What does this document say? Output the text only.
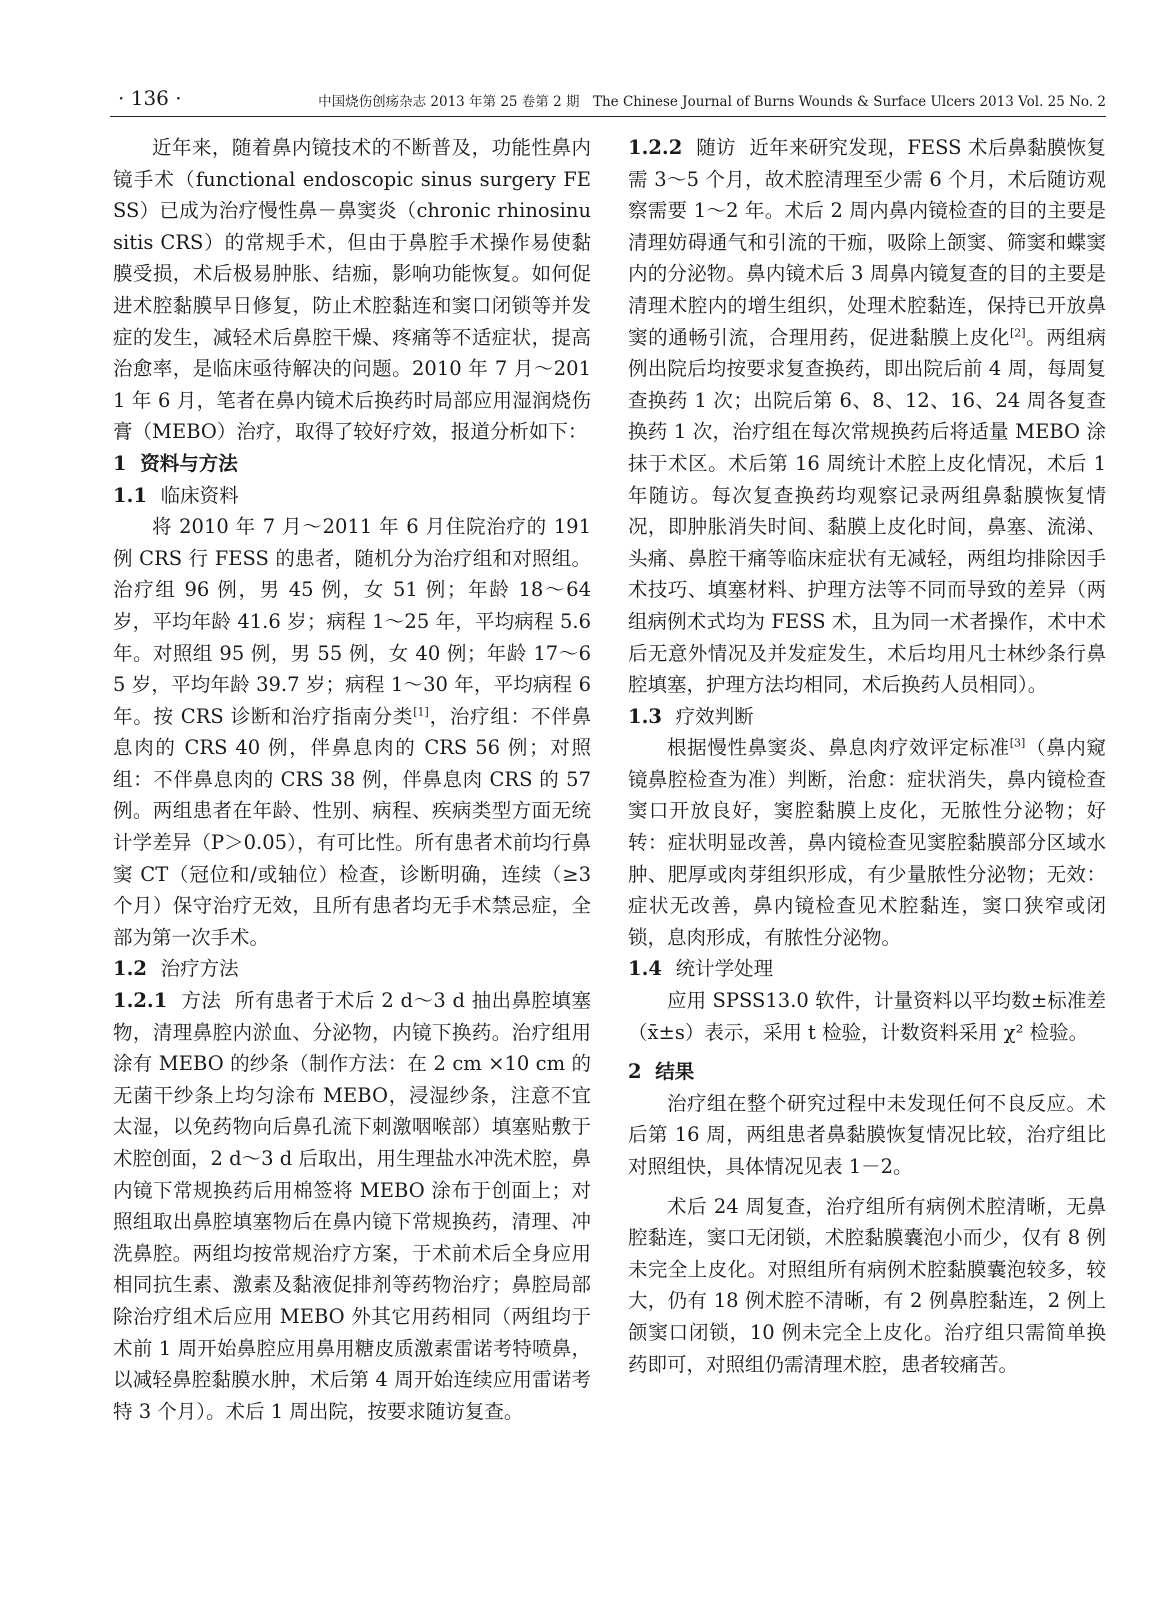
· 136 ·	中国烧伤创疡杂志 2013 年第 25 卷第 2 期　The Chinese Journal of Burns Wounds & Surface Ulcers 2013 Vol. 25 No. 2

近年来，随着鼻内镜技术的不断普及，功能性鼻内镜手术（functional endoscopic sinus surgery FESS）已成为治疗慢性鼻－鼻窦炎（chronic rhinosinusitis CRS）的常规手术，但由于鼻腔手术操作易使黏膜受损，术后极易肿胀、结痂，影响功能恢复。如何促进术腔黏膜早日修复，防止术腔黏连和窦口闭锁等并发症的发生，减轻术后鼻腔干燥、疼痛等不适症状，提高治愈率，是临床亟待解决的问题。2010 年 7 月～2011 年 6 月，笔者在鼻内镜术后换药时局部应用湿润烧伤膏（MEBO）治疗，取得了较好疗效，报道分析如下：

1 资料与方法
1.1 临床资料

将 2010 年 7 月～2011 年 6 月住院治疗的 191 例 CRS 行 FESS 的患者，随机分为治疗组和对照组。治疗组 96 例，男 45 例，女 51 例；年龄 18～64 岁，平均年龄 41.6 岁；病程 1～25 年，平均病程 5.6 年。对照组 95 例，男 55 例，女 40 例；年龄 17～65 岁，平均年龄 39.7 岁；病程 1～30 年，平均病程 6 年。按 CRS 诊断和治疗指南分类[1]，治疗组：不伴鼻息肉的 CRS 40 例，伴鼻息肉的 CRS 56 例；对照组：不伴鼻息肉的 CRS 38 例，伴鼻息肉 CRS 的 57 例。两组患者在年龄、性别、病程、疾病类型方面无统计学差异（P＞0.05），有可比性。所有患者术前均行鼻窦 CT（冠位和/或轴位）检查，诊断明确，连续（≥3 个月）保守治疗无效，且所有患者均无手术禁忌症，全部为第一次手术。

1.2 治疗方法

1.2.1 方法 所有患者于术后 2 d～3 d 抽出鼻腔填塞物，清理鼻腔内淤血、分泌物，内镜下换药。治疗组用涂有 MEBO 的纱条（制作方法：在 2 cm ×10 cm 的无菌干纱条上均匀涂布 MEBO，浸湿纱条，注意不宜太湿，以免药物向后鼻孔流下刺激咽喉部）填塞贴敷于术腔创面，2 d～3 d 后取出，用生理盐水冲洗术腔，鼻内镜下常规换药后用棉签将 MEBO 涂布于创面上；对照组取出鼻腔填塞物后在鼻内镜下常规换药，清理、冲洗鼻腔。两组均按常规治疗方案，于术前术后全身应用相同抗生素、激素及黏液促排剂等药物治疗；鼻腔局部除治疗组术后应用 MEBO 外其它用药相同（两组均于术前 1 周开始鼻腔应用鼻用糖皮质激素雷诺考特喷鼻，以减轻鼻腔黏膜水肿，术后第 4 周开始连续应用雷诺考特 3 个月）。术后 1 周出院，按要求随访复查。

1.2.2 随访 近年来研究发现，FESS 术后鼻黏膜恢复需 3～5 个月，故术腔清理至少需 6 个月，术后随访观察需要 1～2 年。术后 2 周内鼻内镜检查的目的主要是清理妨碍通气和引流的干痂，吸除上颌窦、筛窦和蝶窦内的分泌物。鼻内镜术后 3 周鼻内镜复查的目的主要是清理术腔内的增生组织，处理术腔黏连，保持已开放鼻窦的通畅引流，合理用药，促进黏膜上皮化[2]。两组病例出院后均按要求复查换药，即出院后前 4 周，每周复查换药 1 次；出院后第 6、8、12、16、24 周各复查换药 1 次，治疗组在每次常规换药后将适量 MEBO 涂抹于术区。术后第 16 周统计术腔上皮化情况，术后 1 年随访。每次复查换药均观察记录两组鼻黏膜恢复情况，即肿胀消失时间、黏膜上皮化时间，鼻塞、流涕、头痛、鼻腔干痛等临床症状有无减轻，两组均排除因手术技巧、填塞材料、护理方法等不同而导致的差异（两组病例术式均为 FESS 术，且为同一术者操作，术中术后无意外情况及并发症发生，术后均用凡士林纱条行鼻腔填塞，护理方法均相同，术后换药人员相同）。

1.3 疗效判断

根据慢性鼻窦炎、鼻息肉疗效评定标准[3]（鼻内窥镜鼻腔检查为准）判断，治愈：症状消失，鼻内镜检查窦口开放良好，窦腔黏膜上皮化，无脓性分泌物；好转：症状明显改善，鼻内镜检查见窦腔黏膜部分区域水肿、肥厚或肉芽组织形成，有少量脓性分泌物；无效：症状无改善，鼻内镜检查见术腔黏连，窦口狭窄或闭锁，息肉形成，有脓性分泌物。

1.4 统计学处理

应用 SPSS13.0 软件，计量资料以平均数±标准差（x̄±s）表示，采用 t 检验，计数资料采用 χ² 检验。

2 结果

治疗组在整个研究过程中未发现任何不良反应。术后第 16 周，两组患者鼻黏膜恢复情况比较，治疗组比对照组快，具体情况见表 1－2。

术后 24 周复查，治疗组所有病例术腔清晰，无鼻腔黏连，窦口无闭锁，术腔黏膜囊泡小而少，仅有 8 例未完全上皮化。对照组所有病例术腔黏膜囊泡较多，较大，仍有 18 例术腔不清晰，有 2 例鼻腔黏连，2 例上颌窦口闭锁，10 例未完全上皮化。治疗组只需简单换药即可，对照组仍需清理术腔，患者较痛苦。
